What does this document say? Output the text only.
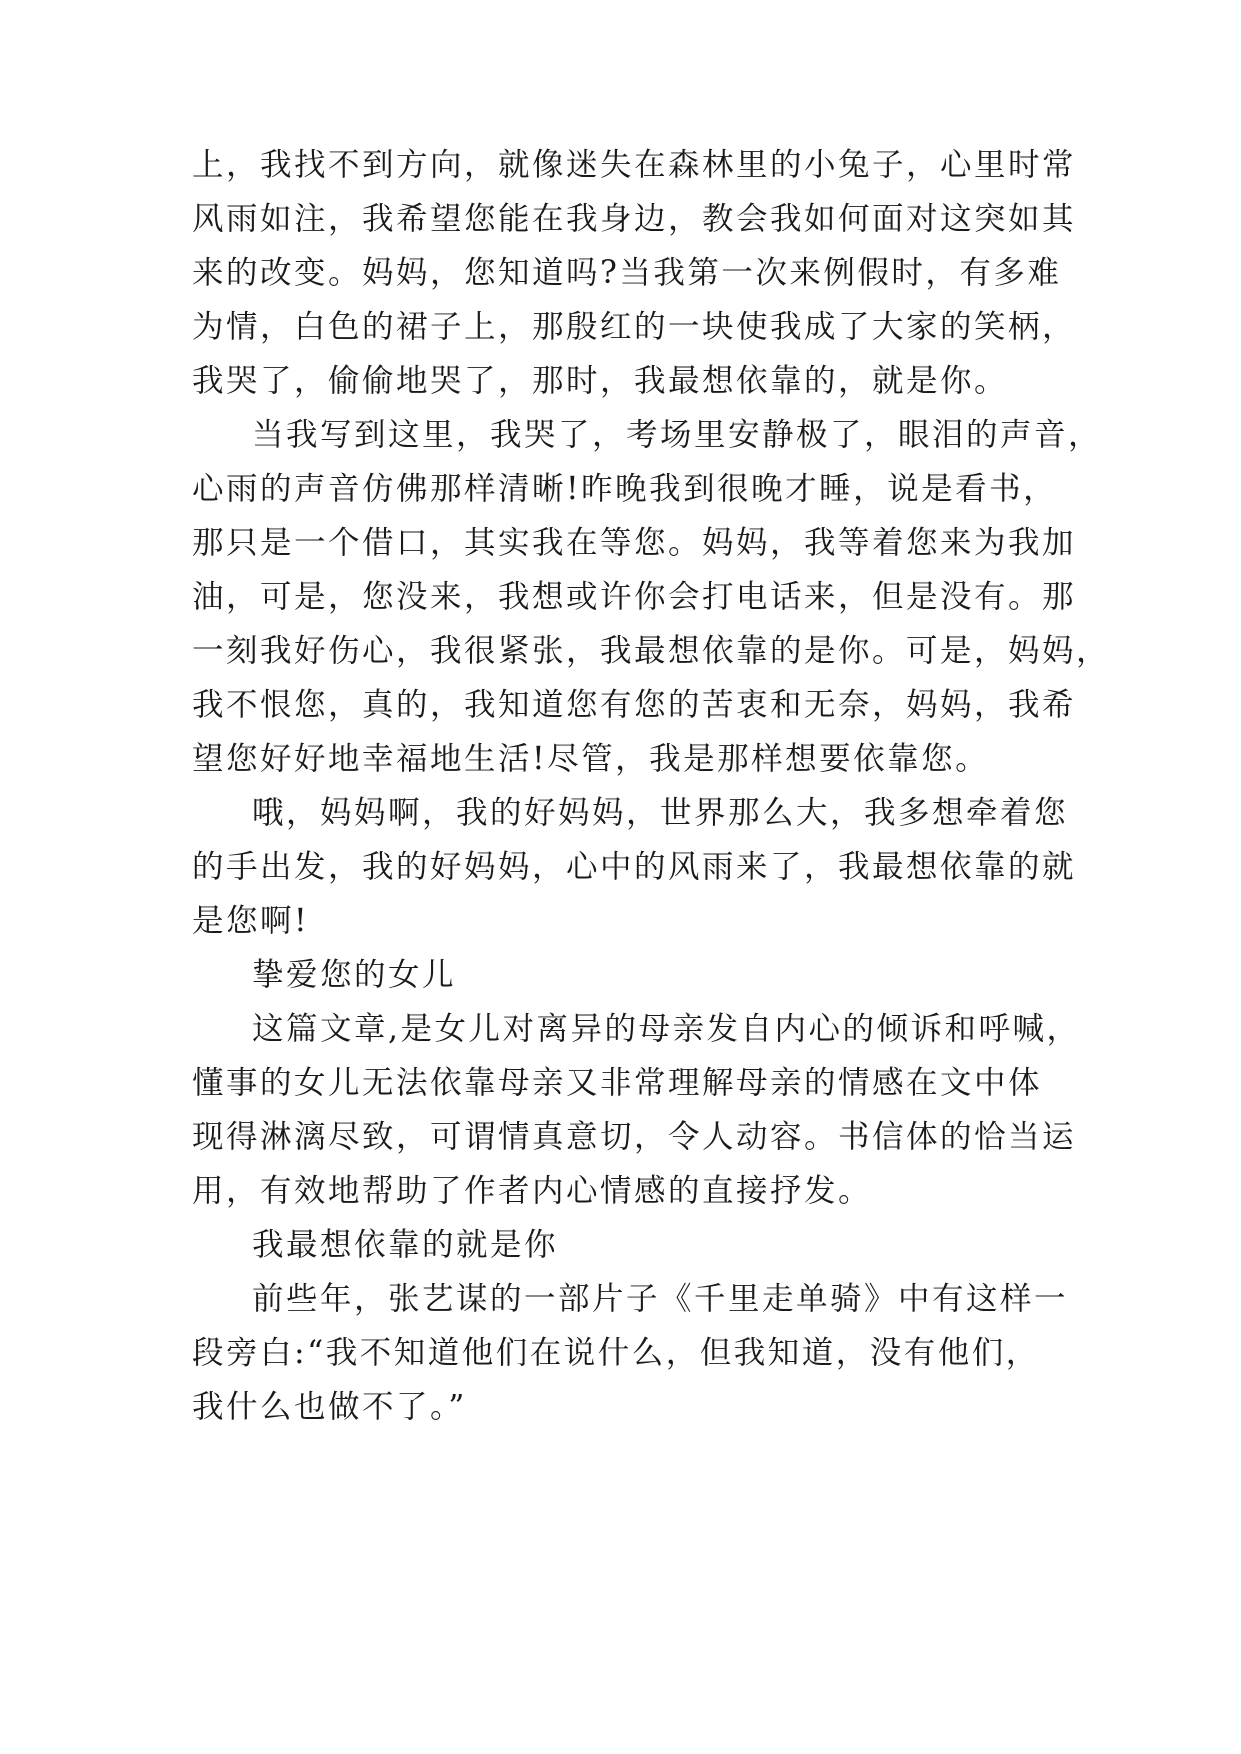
上，我找不到方向，就像迷失在森林里的小兔子，心里时常
风雨如注，我希望您能在我身边，教会我如何面对这突如其
来的改变。妈妈，您知道吗?当我第一次来例假时，有多难
为情，白色的裙子上，那殷红的一块使我成了大家的笑柄，
我哭了，偷偷地哭了，那时，我最想依靠的，就是你。
当我写到这里，我哭了，考场里安静极了，眼泪的声音，
心雨的声音仿佛那样清晰!昨晚我到很晚才睡，说是看书，
那只是一个借口，其实我在等您。妈妈，我等着您来为我加
油，可是，您没来，我想或许你会打电话来，但是没有。那
一刻我好伤心，我很紧张，我最想依靠的是你。可是，妈妈，
我不恨您，真的，我知道您有您的苦衷和无奈，妈妈，我希
望您好好地幸福地生活!尽管，我是那样想要依靠您。
哦，妈妈啊，我的好妈妈，世界那么大，我多想牵着您
的手出发，我的好妈妈，心中的风雨来了，我最想依靠的就
是您啊!
挚爱您的女儿
这篇文章,是女儿对离异的母亲发自内心的倾诉和呼喊，
懂事的女儿无法依靠母亲又非常理解母亲的情感在文中体
现得淋漓尽致，可谓情真意切，令人动容。书信体的恰当运
用，有效地帮助了作者内心情感的直接抒发。
我最想依靠的就是你
前些年，张艺谋的一部片子《千里走单骑》中有这样一
段旁白:“我不知道他们在说什么，但我知道，没有他们，
我什么也做不了。”
